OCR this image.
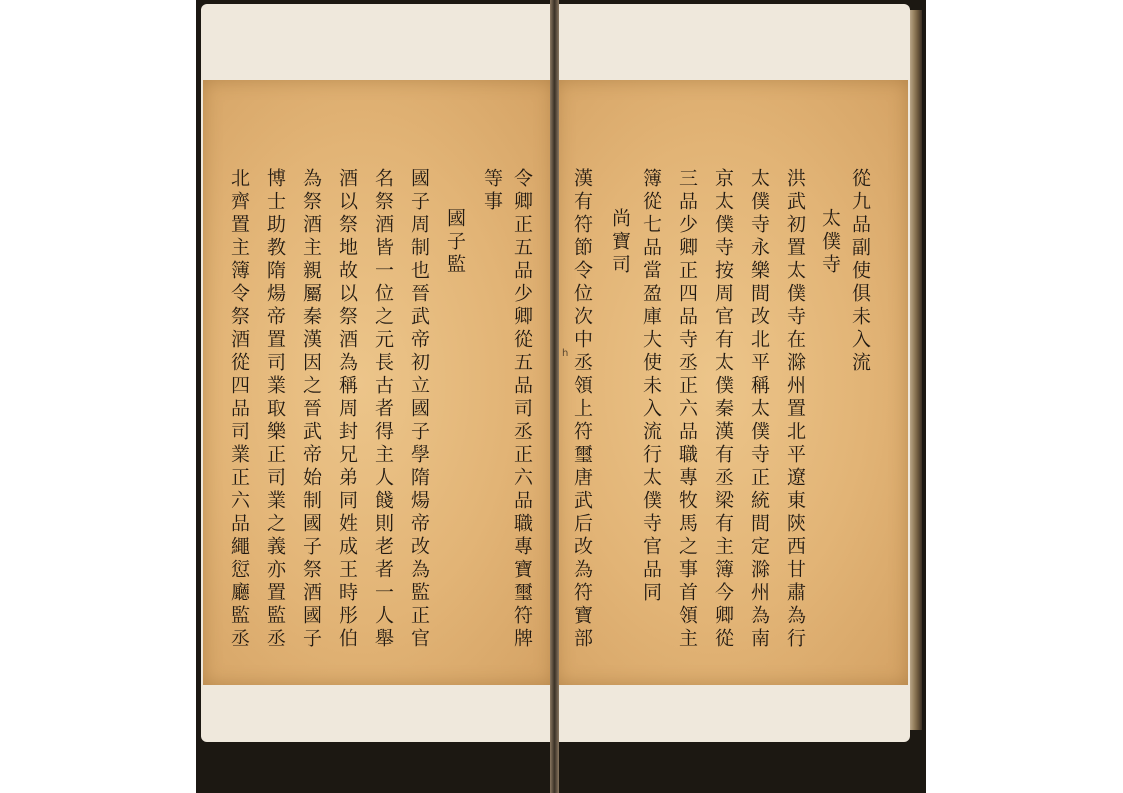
令卿正五品少卿從五品司丞正六品職專寶璽符牌
等事
國子監
國子周制也晉武帝初立國子學隋煬帝改為監正官
名祭酒皆一位之元長古者得主人餞則老者一人舉
酒以祭地故以祭酒為稱周封兄弟同姓成王時彤伯
為祭酒主親屬秦漢因之晉武帝始制國子祭酒國子
博士助教隋煬帝置司業取樂正司業之義亦置監丞
北齊置主簿令祭酒從四品司業正六品繩愆廳監丞	從九品副使俱未入流
太僕寺
洪武初置太僕寺在滁州置北平遼東陝西甘肅為行
太僕寺永樂間改北平稱太僕寺正統間定滁州為南
京太僕寺按周官有太僕秦漢有丞梁有主簿今卿從
三品少卿正四品寺丞正六品職專牧馬之事首領主
簿從七品當盈庫大使未入流行太僕寺官品同
尚寶司
漢有符節令位次中丞領上符璽唐武后改為符寶部
h
